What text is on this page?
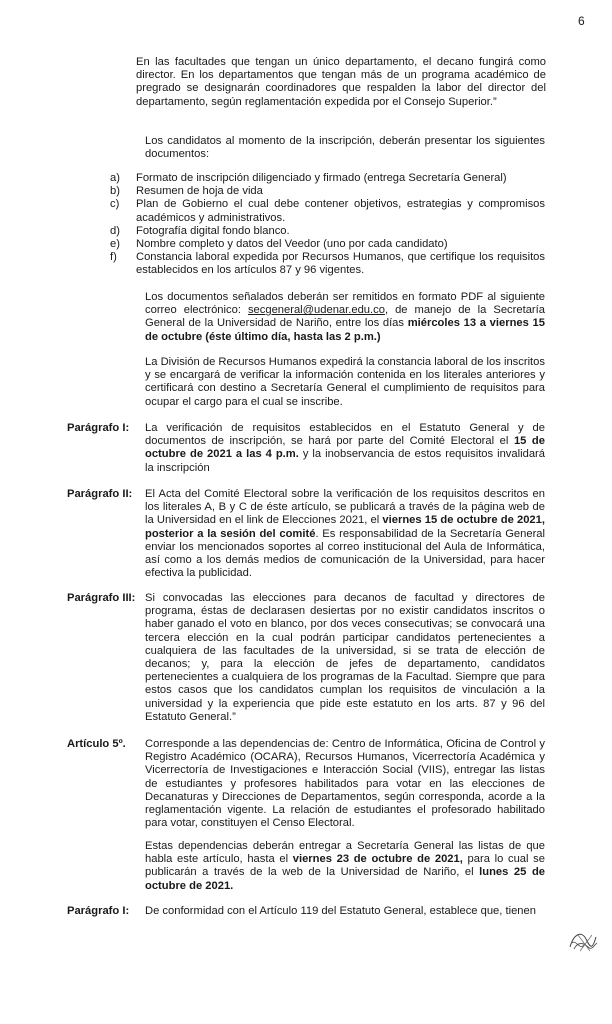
6
En las facultades que tengan un único departamento, el decano fungirá como director. En los departamentos que tengan más de un programa académico de pregrado se designarán coordinadores que respalden la labor del director del departamento, según reglamentación expedida por el Consejo Superior.”
Los candidatos al momento de la inscripción, deberán presentar los siguientes documentos:
a)	Formato de inscripción diligenciado y firmado (entrega Secretaría General)
b)	Resumen de hoja de vida
c)	Plan de Gobierno el cual debe contener objetivos, estrategias y compromisos académicos y administrativos.
d)	Fotografía digital fondo blanco.
e)	Nombre completo y datos del Veedor (uno por cada candidato)
f)	Constancia laboral expedida por Recursos Humanos, que certifique los requisitos establecidos en los artículos 87 y 96 vigentes.
Los documentos señalados deberán ser remitidos en formato PDF al siguiente correo electrónico: secgeneral@udenar.edu.co, de manejo de la Secretaría General de la Universidad de Nariño, entre los días miércoles 13 a viernes 15 de octubre (éste último día, hasta las 2 p.m.)
La División de Recursos Humanos expedirá la constancia laboral de los inscritos y se encargará de verificar la información contenida en los literales anteriores y certificará con destino a Secretaría General el cumplimiento de requisitos para ocupar el cargo para el cual se inscribe.
Parágrafo I: La verificación de requisitos establecidos en el Estatuto General y de documentos de inscripción, se hará por parte del Comité Electoral el 15 de octubre de 2021 a las 4 p.m. y la inobservancia de estos requisitos invalidará la inscripción
Parágrafo II: El Acta del Comité Electoral sobre la verificación de los requisitos descritos en los literales A, B y C de éste artículo, se publicará a través de la página web de la Universidad en el link de Elecciones 2021, el viernes 15 de octubre de 2021, posterior a la sesión del comité. Es responsabilidad de la Secretaría General enviar los mencionados soportes al correo institucional del Aula de Informática, así como a los demás medios de comunicación de la Universidad, para hacer efectiva la publicidad.
Parágrafo III: Si convocadas las elecciones para decanos de facultad y directores de programa, éstas de declarasen desiertas por no existir candidatos inscritos o haber ganado el voto en blanco, por dos veces consecutivas; se convocará una tercera elección en la cual podrán participar candidatos pertenecientes a cualquiera de las facultades de la universidad, si se trata de elección de decanos; y, para la elección de jefes de departamento, candidatos pertenecientes a cualquiera de los programas de la Facultad. Siempre que para estos casos que los candidatos cumplan los requisitos de vinculación a la universidad y la experiencia que pide este estatuto en los arts. 87 y 96 del Estatuto General.”
Artículo 5º. Corresponde a las dependencias de: Centro de Informática, Oficina de Control y Registro Académico (OCARA), Recursos Humanos, Vicerrectoría Académica y Vicerrectoría de Investigaciones e Interacción Social (VIIS), entregar las listas de estudiantes y profesores habilitados para votar en las elecciones de Decanaturas y Direcciones de Departamentos, según corresponda, acorde a la reglamentación vigente. La relación de estudiantes el profesorado habilitado para votar, constituyen el Censo Electoral.
Estas dependencias deberán entregar a Secretaría General las listas de que habla este artículo, hasta el viernes 23 de octubre de 2021, para lo cual se publicarán a través de la web de la Universidad de Nariño, el lunes 25 de octubre de 2021.
Parágrafo I: De conformidad con el Artículo 119 del Estatuto General, establece que, tienen
